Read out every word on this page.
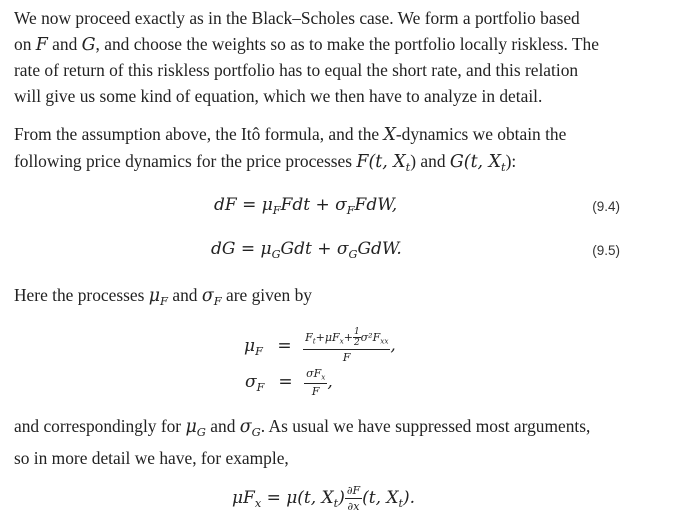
We now proceed exactly as in the Black–Scholes case. We form a portfolio based
on F and G, and choose the weights so as to make the portfolio locally riskless. The
rate of return of this riskless portfolio has to equal the short rate, and this relation
will give us some kind of equation, which we then have to analyze in detail.

From the assumption above, the Itô formula, and the X-dynamics we obtain the
following price dynamics for the price processes F(t, $X_t$) and G(t, $X_t$):

dF = $\mu_FFdt + \sigma_FFdW$,	(9.4)
dG = $\mu_GGdt + \sigma_GGdW$.	(9.5)

Here the processes $\mu_F$ and $\sigma_F$ are given by

$\mu_F = \frac{F_t+\mu F_x+ \frac{1}{2} \sigma^2F_{xx}}{F}$ ,
$\sigma_F = \frac{\sigma F_x}{F}$ ,

and correspondingly for $\mu_G$ and $\sigma_G$. As usual we have suppressed most arguments,
so in more detail we have, for example,

$\mu F_x = \mu(t$, $X_t) \frac{\partial F}{\partial x} (t$, $X_t$).
